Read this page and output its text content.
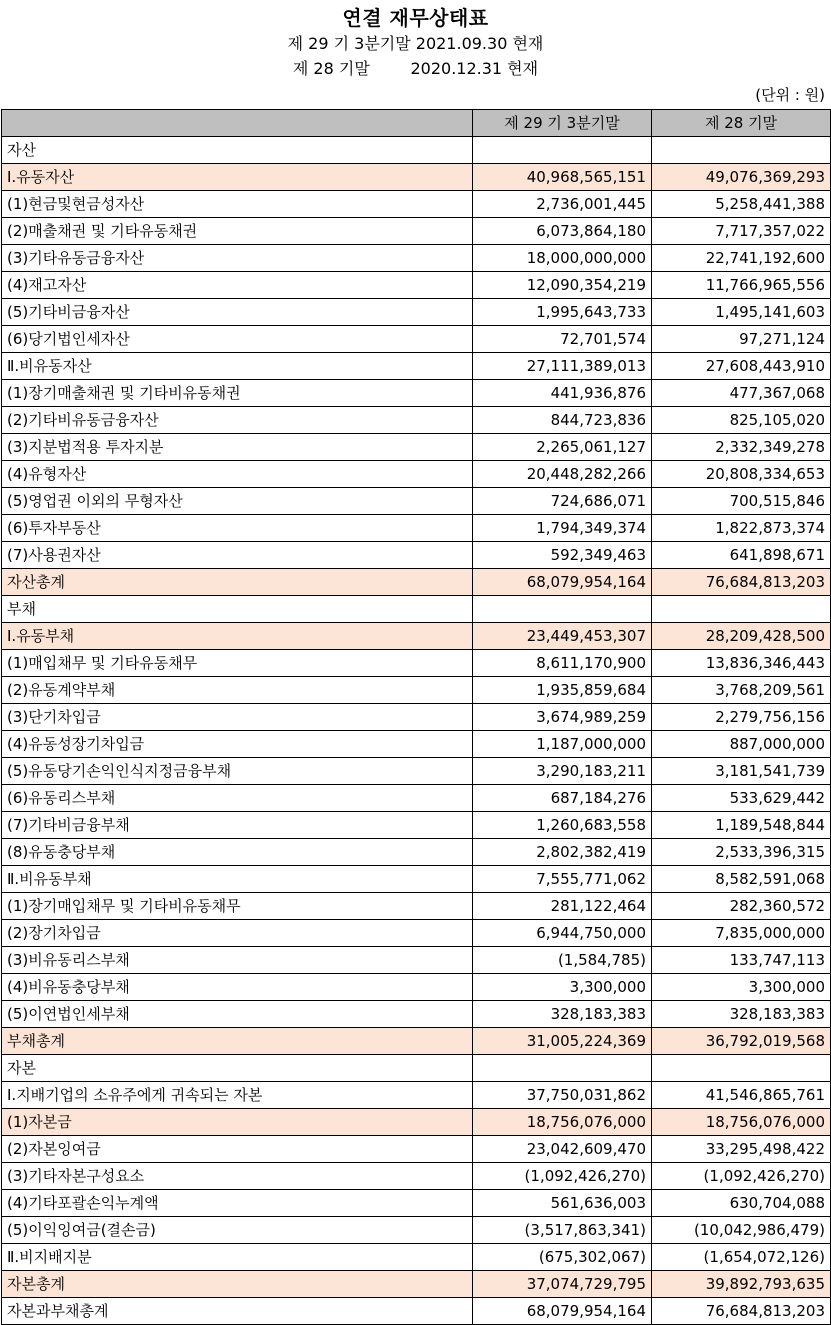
연결 재무상태표
제 29 기 3분기말 2021.09.30 현재
제 28 기말        2020.12.31 현재
(단위 : 원)
	제 29 기 3분기말	제 28 기말
자산		
Ⅰ.유동자산	40,968,565,151	49,076,369,293
(1)현금및현금성자산	2,736,001,445	5,258,441,388
(2)매출채권 및 기타유동채권	6,073,864,180	7,717,357,022
(3)기타유동금융자산	18,000,000,000	22,741,192,600
(4)재고자산	12,090,354,219	11,766,965,556
(5)기타비금융자산	1,995,643,733	1,495,141,603
(6)당기법인세자산	72,701,574	97,271,124
Ⅱ.비유동자산	27,111,389,013	27,608,443,910
(1)장기매출채권 및 기타비유동채권	441,936,876	477,367,068
(2)기타비유동금융자산	844,723,836	825,105,020
(3)지분법적용 투자지분	2,265,061,127	2,332,349,278
(4)유형자산	20,448,282,266	20,808,334,653
(5)영업권 이외의 무형자산	724,686,071	700,515,846
(6)투자부동산	1,794,349,374	1,822,873,374
(7)사용권자산	592,349,463	641,898,671
자산총계	68,079,954,164	76,684,813,203
부채		
Ⅰ.유동부채	23,449,453,307	28,209,428,500
(1)매입채무 및 기타유동채무	8,611,170,900	13,836,346,443
(2)유동계약부채	1,935,859,684	3,768,209,561
(3)단기차입금	3,674,989,259	2,279,756,156
(4)유동성장기차입금	1,187,000,000	887,000,000
(5)유동당기손익인식지정금융부채	3,290,183,211	3,181,541,739
(6)유동리스부채	687,184,276	533,629,442
(7)기타비금융부채	1,260,683,558	1,189,548,844
(8)유동충당부채	2,802,382,419	2,533,396,315
Ⅱ.비유동부채	7,555,771,062	8,582,591,068
(1)장기매입채무 및 기타비유동채무	281,122,464	282,360,572
(2)장기차입금	6,944,750,000	7,835,000,000
(3)비유동리스부채	(1,584,785)	133,747,113
(4)비유동충당부채	3,300,000	3,300,000
(5)이연법인세부채	328,183,383	328,183,383
부채총계	31,005,224,369	36,792,019,568
자본		
Ⅰ.지배기업의 소유주에게 귀속되는 자본	37,750,031,862	41,546,865,761
(1)자본금	18,756,076,000	18,756,076,000
(2)자본잉여금	23,042,609,470	33,295,498,422
(3)기타자본구성요소	(1,092,426,270)	(1,092,426,270)
(4)기타포괄손익누계액	561,636,003	630,704,088
(5)이익잉여금(결손금)	(3,517,863,341)	(10,042,986,479)
Ⅱ.비지배지분	(675,302,067)	(1,654,072,126)
자본총계	37,074,729,795	39,892,793,635
자본과부채총계	68,079,954,164	76,684,813,203
